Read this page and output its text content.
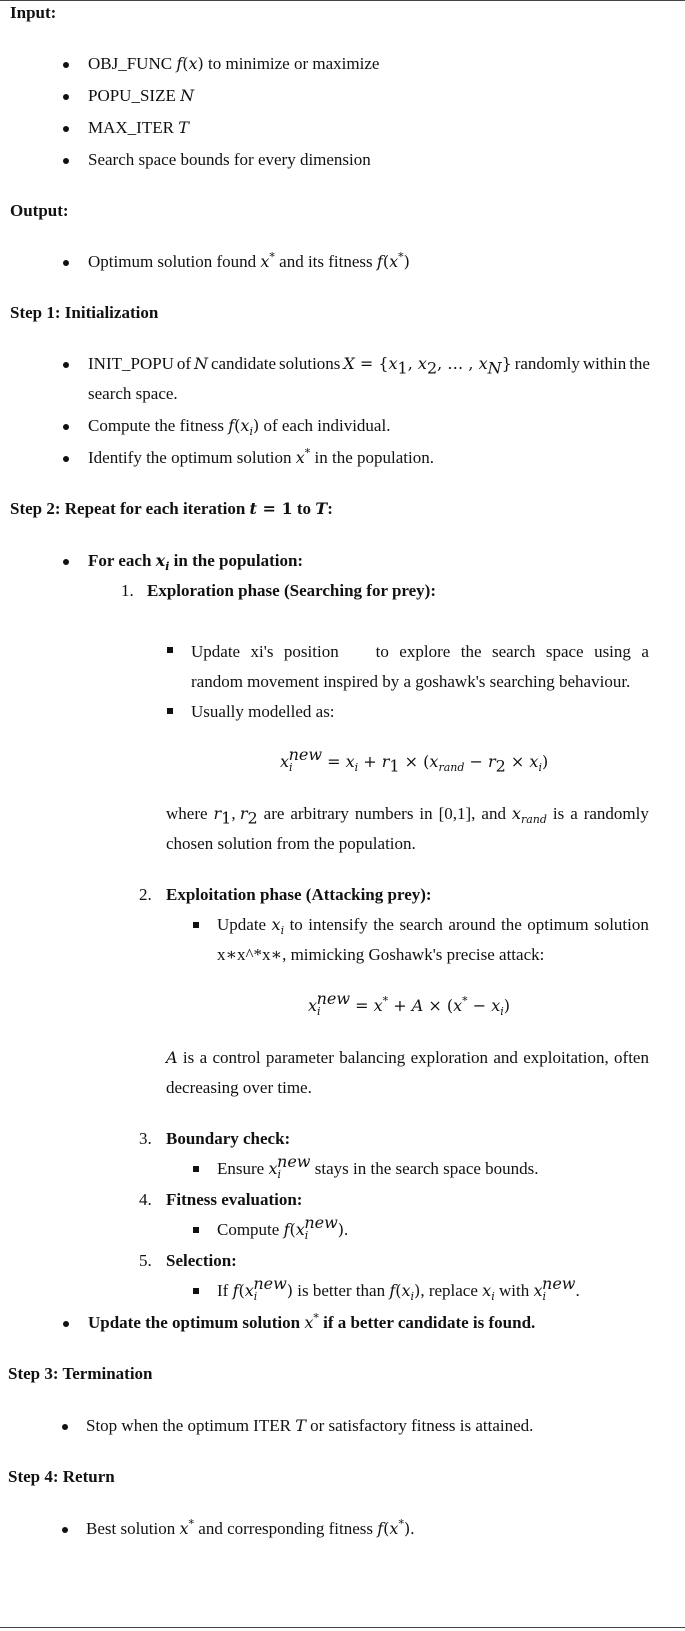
Input:
OBJ_FUNC f(x) to minimize or maximize
POPU_SIZE N
MAX_ITER T
Search space bounds for every dimension
Output:
Optimum solution found x* and its fitness f(x*)
Step 1: Initialization
INIT_POPU of N candidate solutions $X = \{x_1$, $x_2$, … , $x_N$} randomly within the
search space.
Compute the fitness $f(x_i)$ of each individual.
Identify the optimum solution x* in the population.
Step 2: Repeat for each iteration t = 1 to T:
For each $x_i$ in the population:
1. Exploration phase (Searching for prey):
Update xi's position to explore the search space using a
random movement inspired by a goshawk's searching behaviour.
Usually modelled as:
$x_i^{new} = x_i + r_1 \times (x_{rand} - r_2 \times x_i)$
where $r_1$, $r_2$ are arbitrary numbers in [0,1], and $x_{rand}$ is a randomly
chosen solution from the population.
2. Exploitation phase (Attacking prey):
Update $x_i$ to intensify the search around the optimum solution
x∗x^*x∗, mimicking Goshawk's precise attack:
$x_i^{new} = x^* + A \times (x^* - x_i)$
A is a control parameter balancing exploration and exploitation, often
decreasing over time.
3. Boundary check:
Ensure $x_i^{new}$ stays in the search space bounds.
4. Fitness evaluation:
Compute $f(x_i^{new})$.
5. Selection:
If $f(x_i^{new})$ is better than $f(x_i)$, replace $x_i$ with $x_i^{new}$.
Update the optimum solution x* if a better candidate is found.
Step 3: Termination
Stop when the optimum ITER T or satisfactory fitness is attained.
Step 4: Return
Best solution x* and corresponding fitness f(x*).
